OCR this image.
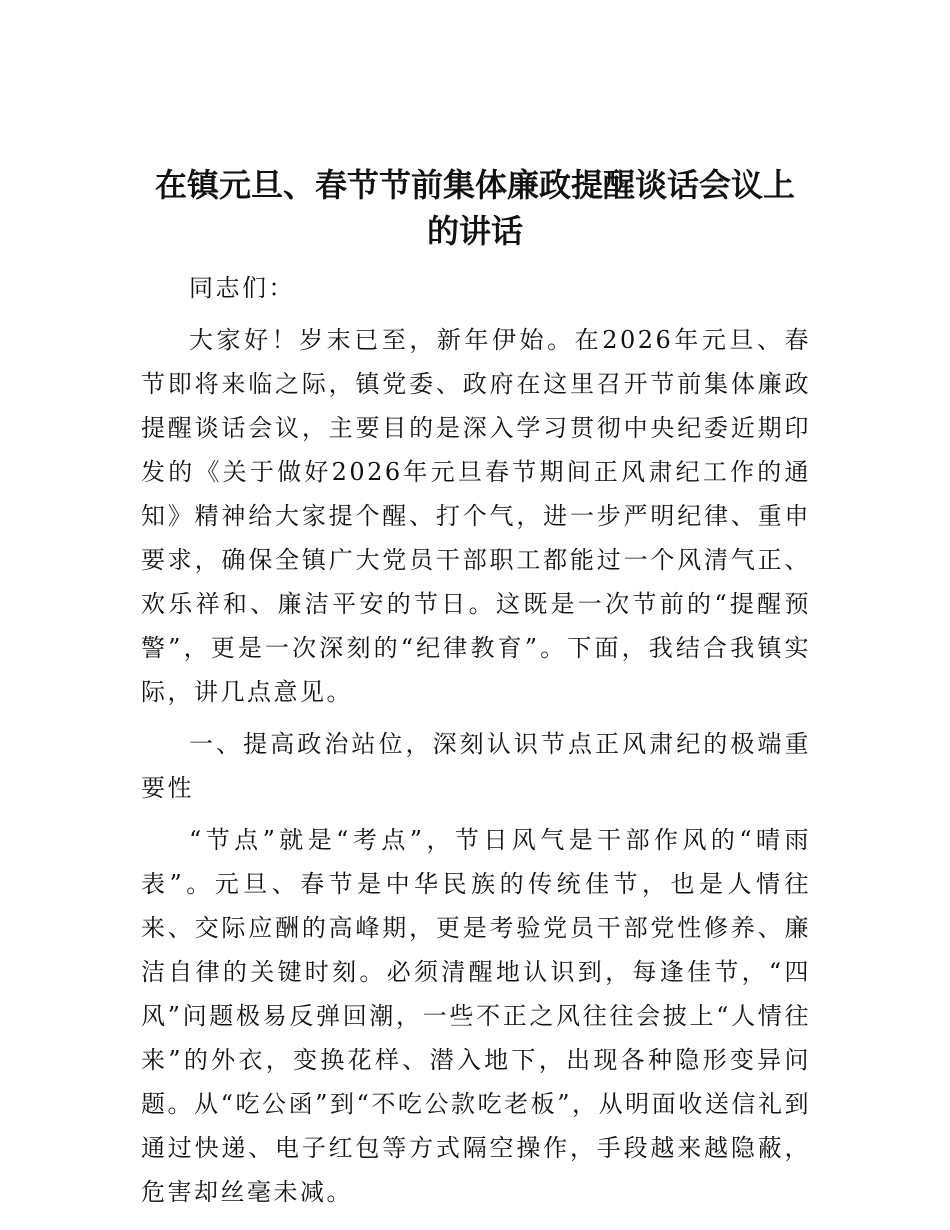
在镇元旦、春节节前集体廉政提醒谈话会议上
的讲话

同志们：

大家好！岁末已至，新年伊始。在2026年元旦、春节即将来临之际，镇党委、政府在这里召开节前集体廉政提醒谈话会议，主要目的是深入学习贯彻中央纪委近期印发的《关于做好2026年元旦春节期间正风肃纪工作的通知》精神给大家提个醒、打个气，进一步严明纪律、重申要求，确保全镇广大党员干部职工都能过一个风清气正、欢乐祥和、廉洁平安的节日。这既是一次节前的“提醒预警”，更是一次深刻的“纪律教育”。下面，我结合我镇实际，讲几点意见。

一、提高政治站位，深刻认识节点正风肃纪的极端重要性

“节点”就是“考点”，节日风气是干部作风的“晴雨表”。元旦、春节是中华民族的传统佳节，也是人情往来、交际应酬的高峰期，更是考验党员干部党性修养、廉洁自律的关键时刻。必须清醒地认识到，每逢佳节，“四风”问题极易反弹回潮，一些不正之风往往会披上“人情往来”的外衣，变换花样、潜入地下，出现各种隐形变异问题。从“吃公函”到“不吃公款吃老板”，从明面收送信礼到通过快递、电子红包等方式隔空操作，手段越来越隐蔽，危害却丝毫未减。
